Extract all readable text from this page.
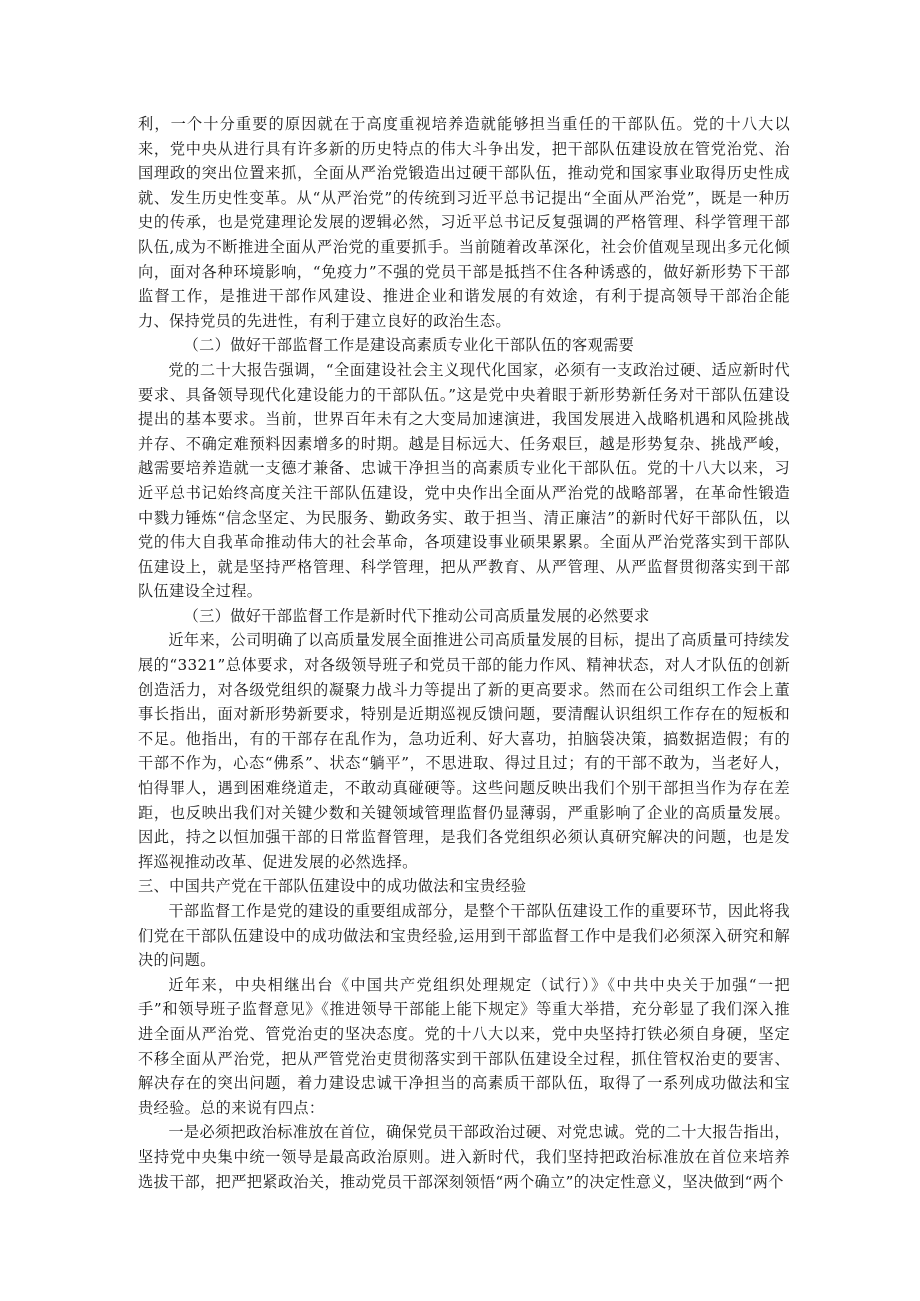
利，一个十分重要的原因就在于高度重视培养造就能够担当重任的干部队伍。党的十八大以来，党中央从进行具有许多新的历史特点的伟大斗争出发，把干部队伍建设放在管党治党、治国理政的突出位置来抓，全面从严治党锻造出过硬干部队伍，推动党和国家事业取得历史性成就、发生历史性变革。从“从严治党”的传统到习近平总书记提出“全面从严治党”，既是一种历史的传承，也是党建理论发展的逻辑必然，习近平总书记反复强调的严格管理、科学管理干部队伍,成为不断推进全面从严治党的重要抓手。当前随着改革深化，社会价值观呈现出多元化倾向，面对各种环境影响，“免疫力”不强的党员干部是抵挡不住各种诱惑的，做好新形势下干部监督工作，是推进干部作风建设、推进企业和谐发展的有效途，有利于提高领导干部治企能力、保持党员的先进性，有利于建立良好的政治生态。

（二）做好干部监督工作是建设高素质专业化干部队伍的客观需要

党的二十大报告强调，“全面建设社会主义现代化国家，必须有一支政治过硬、适应新时代要求、具备领导现代化建设能力的干部队伍。”这是党中央着眼于新形势新任务对干部队伍建设提出的基本要求。当前，世界百年未有之大变局加速演进，我国发展进入战略机遇和风险挑战并存、不确定难预料因素增多的时期。越是目标远大、任务艰巨，越是形势复杂、挑战严峻，越需要培养造就一支德才兼备、忠诚干净担当的高素质专业化干部队伍。党的十八大以来，习近平总书记始终高度关注干部队伍建设，党中央作出全面从严治党的战略部署，在革命性锻造中戮力锤炼“信念坚定、为民服务、勤政务实、敢于担当、清正廉洁”的新时代好干部队伍，以党的伟大自我革命推动伟大的社会革命，各项建设事业硕果累累。全面从严治党落实到干部队伍建设上，就是坚持严格管理、科学管理，把从严教育、从严管理、从严监督贯彻落实到干部队伍建设全过程。

（三）做好干部监督工作是新时代下推动公司高质量发展的必然要求

近年来，公司明确了以高质量发展全面推进公司高质量发展的目标，提出了高质量可持续发展的“3321”总体要求，对各级领导班子和党员干部的能力作风、精神状态，对人才队伍的创新创造活力，对各级党组织的凝聚力战斗力等提出了新的更高要求。然而在公司组织工作会上董事长指出，面对新形势新要求，特别是近期巡视反馈问题，要清醒认识组织工作存在的短板和不足。他指出，有的干部存在乱作为，急功近利、好大喜功，拍脑袋决策，搞数据造假；有的干部不作为，心态“佛系”、状态“躺平”，不思进取、得过且过；有的干部不敢为，当老好人，怕得罪人，遇到困难绕道走，不敢动真碰硬等。这些问题反映出我们个别干部担当作为存在差距，也反映出我们对关键少数和关键领域管理监督仍显薄弱，严重影响了企业的高质量发展。因此，持之以恒加强干部的日常监督管理，是我们各党组织必须认真研究解决的问题，也是发挥巡视推动改革、促进发展的必然选择。

三、中国共产党在干部队伍建设中的成功做法和宝贵经验

干部监督工作是党的建设的重要组成部分，是整个干部队伍建设工作的重要环节，因此将我们党在干部队伍建设中的成功做法和宝贵经验,运用到干部监督工作中是我们必须深入研究和解决的问题。

近年来，中央相继出台《中国共产党组织处理规定（试行）》《中共中央关于加强“一把手”和领导班子监督意见》《推进领导干部能上能下规定》等重大举措，充分彰显了我们深入推进全面从严治党、管党治吏的坚决态度。党的十八大以来，党中央坚持打铁必须自身硬，坚定不移全面从严治党，把从严管党治吏贯彻落实到干部队伍建设全过程，抓住管权治吏的要害、解决存在的突出问题，着力建设忠诚干净担当的高素质干部队伍，取得了一系列成功做法和宝贵经验。总的来说有四点：

一是必须把政治标准放在首位，确保党员干部政治过硬、对党忠诚。党的二十大报告指出，坚持党中央集中统一领导是最高政治原则。进入新时代，我们坚持把政治标准放在首位来培养选拔干部，把严把紧政治关，推动党员干部深刻领悟“两个确立”的决定性意义，坚决做到“两个
